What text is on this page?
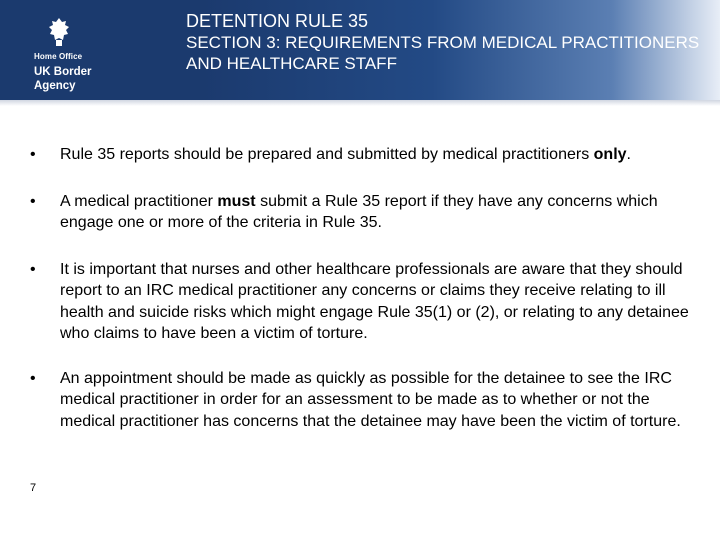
Home Office
UK Border
Agency
DETENTION RULE 35
SECTION 3: REQUIREMENTS FROM MEDICAL PRACTITIONERS AND HEALTHCARE STAFF
• Rule 35 reports should be prepared and submitted by medical practitioners only.
• A medical practitioner must submit a Rule 35 report if they have any concerns which engage one or more of the criteria in Rule 35.
• It is important that nurses and other healthcare professionals are aware that they should report to an IRC medical practitioner any concerns or claims they receive relating to ill health and suicide risks which might engage Rule 35(1) or (2), or relating to any detainee who claims to have been a victim of torture.
• An appointment should be made as quickly as possible for the detainee to see the IRC medical practitioner in order for an assessment to be made as to whether or not the medical practitioner has concerns that the detainee may have been the victim of torture.
7
